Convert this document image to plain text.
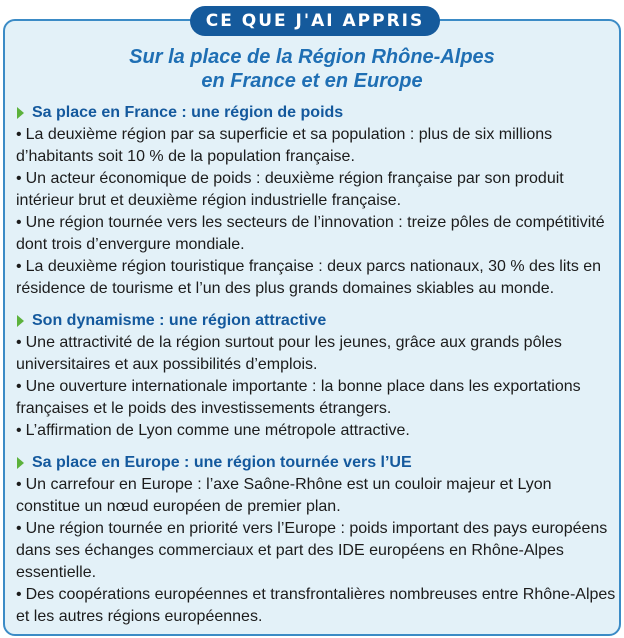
CE QUE J'AI APPRIS
Sur la place de la Région Rhône-Alpes
en France et en Europe
Sa place en France : une région de poids

• La deuxième région par sa superficie et sa population : plus de six millions d’habitants soit 10 % de la population française.

• Un acteur économique de poids : deuxième région française par son produit intérieur brut et deuxième région industrielle française.

• Une région tournée vers les secteurs de l’innovation : treize pôles de compétitivité dont trois d’envergure mondiale.

• La deuxième région touristique française : deux parcs nationaux, 30 % des lits en résidence de tourisme et l’un des plus grands domaines skiables au monde.

Son dynamisme : une région attractive

• Une attractivité de la région surtout pour les jeunes, grâce aux grands pôles universitaires et aux possibilités d’emplois.

• Une ouverture internationale importante : la bonne place dans les exportations françaises et le poids des investissements étrangers.

• L’affirmation de Lyon comme une métropole attractive.

Sa place en Europe : une région tournée vers l’UE

• Un carrefour en Europe : l’axe Saône-Rhône est un couloir majeur et Lyon constitue un nœud européen de premier plan.

• Une région tournée en priorité vers l’Europe : poids important des pays européens dans ses échanges commerciaux et part des IDE européens en Rhône-Alpes essentielle.

• Des coopérations européennes et transfrontalières nombreuses entre Rhône-Alpes et les autres régions européennes.
